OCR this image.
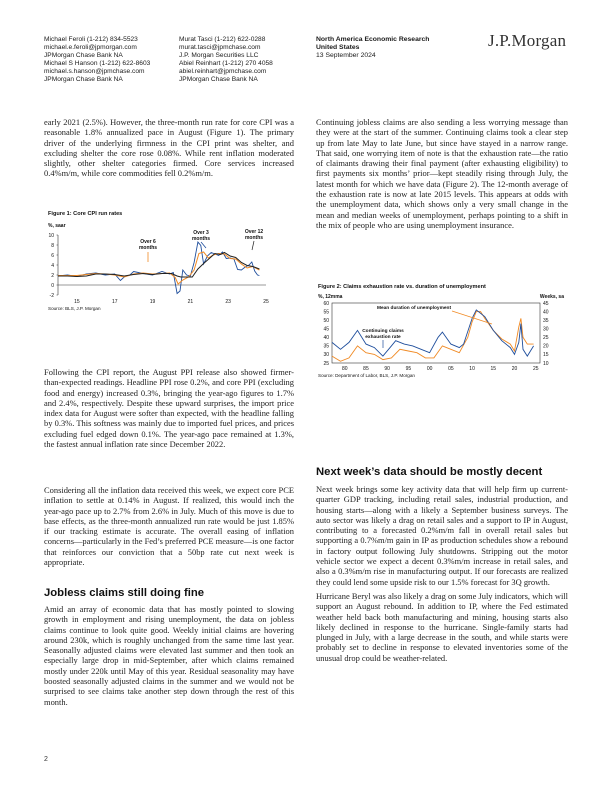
Michael Feroli (1-212) 834-5523
michael.e.feroli@jpmorgan.com
JPMorgan Chase Bank NA
Michael S Hanson (1-212) 622-8603
michael.s.hanson@jpmchase.com
JPMorgan Chase Bank NA
Murat Tasci (1-212) 622-0288
murat.tasci@jpmchase.com
J.P. Morgan Securities LLC
Abiel Reinhart (1-212) 270 4058
abiel.reinhart@jpmchase.com
JPMorgan Chase Bank NA
North America Economic Research
United States
13 September 2024
J.P.Morgan
early 2021 (2.5%). However, the three-month run rate for core CPI was a reasonable 1.8% annualized pace in August (Figure 1). The primary driver of the underlying firmness in the CPI print was shelter, and excluding shelter the core rose 0.08%. While rent inflation moderated slightly, other shelter categories firmed. Core services increased 0.4%m/m, while core commodities fell 0.2%m/m.
Figure 1: Core CPI run rates
%, saar
-2
0
2
4
6
8
10
15	17	19	21	23	25
Over 6
months
Over 3
months
Over 12
months
Source: BLS, J.P. Morgan
Following the CPI report, the August PPI release also showed firmer-than-expected readings. Headline PPI rose 0.2%, and core PPI (excluding food and energy) increased 0.3%, bringing the year-ago figures to 1.7% and 2.4%, respectively. Despite these upward surprises, the import price index data for August were softer than expected, with the headline falling by 0.3%. This softness was mainly due to imported fuel prices, and prices excluding fuel edged down 0.1%. The year-ago pace remained at 1.3%, the fastest annual inflation rate since December 2022.
Considering all the inflation data received this week, we expect core PCE inflation to settle at 0.14% in August. If realized, this would inch the year-ago pace up to 2.7% from 2.6% in July. Much of this move is due to base effects, as the three-month annualized run rate would be just 1.85% if our tracking estimate is accurate. The overall easing of inflation concerns—particularly in the Fed’s preferred PCE measure—is one factor that reinforces our conviction that a 50bp rate cut next week is appropriate.
Jobless claims still doing fine
Amid an array of economic data that has mostly pointed to slowing growth in employment and rising unemployment, the data on jobless claims continue to look quite good. Weekly initial claims are hovering around 230k, which is roughly unchanged from the same time last year. Seasonally adjusted claims were elevated last summer and then took an especially large drop in mid-September, after which claims remained mostly under 220k until May of this year. Residual seasonality may have boosted seasonally adjusted claims in the summer and we would not be surprised to see claims take another step down through the rest of this month.
Continuing jobless claims are also sending a less worrying message than they were at the start of the summer. Continuing claims took a clear step up from late May to late June, but since have stayed in a narrow range. That said, one worrying item of note is that the exhaustion rate—the ratio of claimants drawing their final payment (after exhausting eligibility) to first payments six months’ prior—kept steadily rising through July, the latest month for which we have data (Figure 2). The 12-month average of the exhaustion rate is now at late 2015 levels. This appears at odds with the unemployment data, which shows only a very small change in the mean and median weeks of unemployment, perhaps pointing to a shift in the mix of people who are using unemployment insurance.
Figure 2: Claims exhaustion rate vs. duration of unemployment
%, 12mma	Weeks, sa
25
30
35
40
45
50
55
60
10
15
20
25
30
35
40
45
80	85	90	95	00	05	10	15	20	25
Mean duration of unemployment
Continuing claims
exhaustion rate
Source: Department of Labor, BLS, J.P. Morgan
Next week’s data should be mostly decent
Next week brings some key activity data that will help firm up current-quarter GDP tracking, including retail sales, industrial production, and housing starts—along with a likely a September business surveys. The auto sector was likely a drag on retail sales and a support to IP in August, contributing to a forecasted 0.2%m/m fall in overall retail sales but supporting a 0.7%m/m gain in IP as production schedules show a rebound in factory output following July shutdowns. Stripping out the motor vehicle sector we expect a decent 0.3%m/m increase in retail sales, and also a 0.3%m/m rise in manufacturing output. If our forecasts are realized they could lend some upside risk to our 1.5% forecast for 3Q growth.
Hurricane Beryl was also likely a drag on some July indicators, which will support an August rebound. In addition to IP, where the Fed estimated weather held back both manufacturing and mining, housing starts also likely declined in response to the hurricane. Single-family starts had plunged in July, with a large decrease in the south, and while starts were probably set to decline in response to elevated inventories some of the unusual drop could be weather-related.
2
